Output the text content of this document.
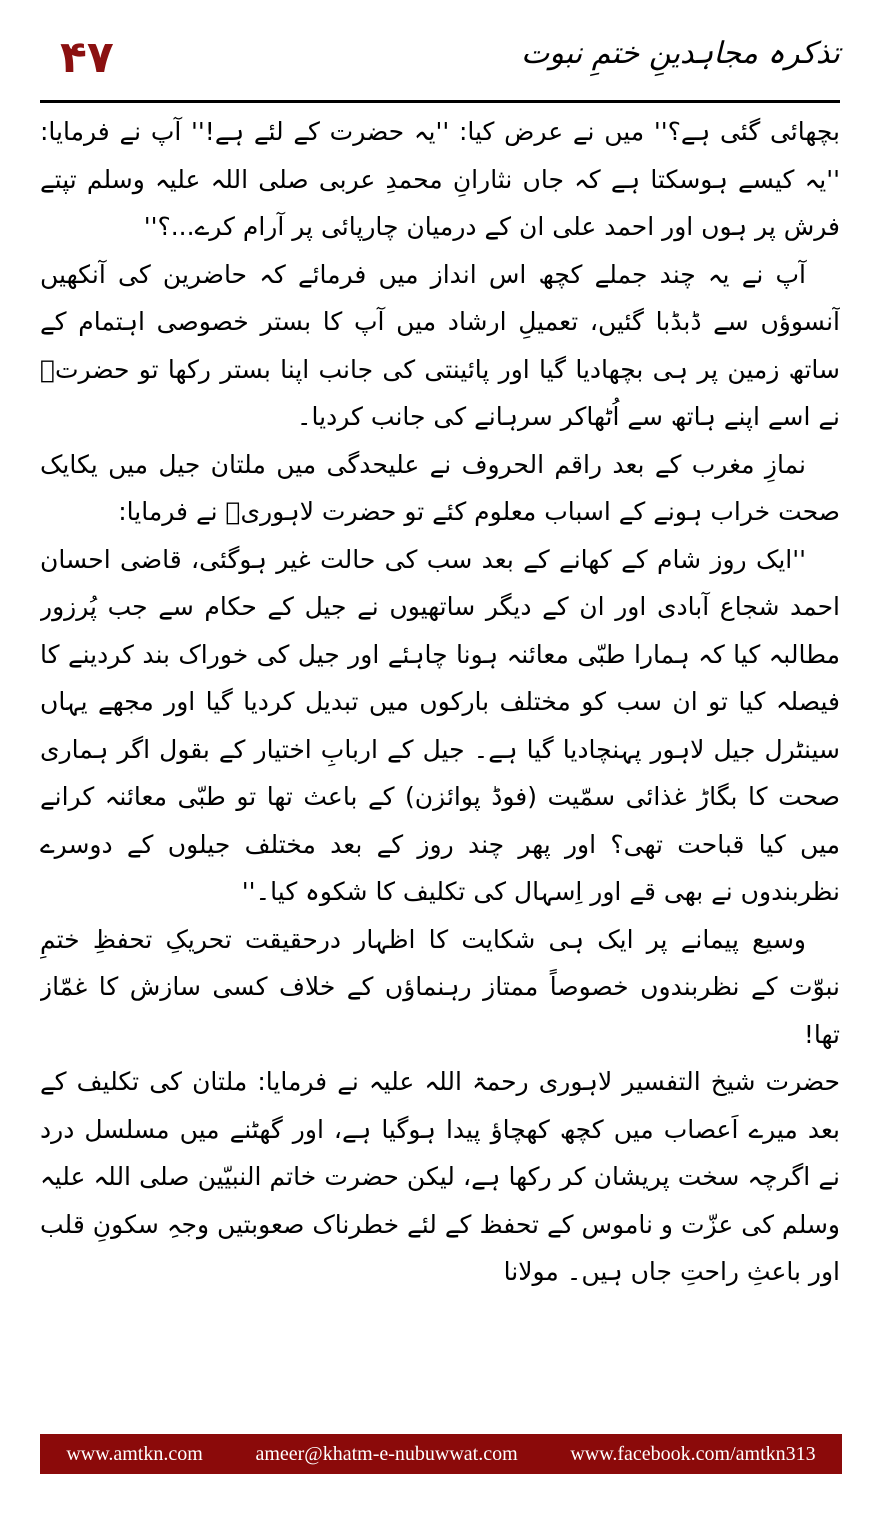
۴۷	تذکرہ مجاہدینِ ختمِ نبوت

بچھائی گئی ہے؟'' میں نے عرض کیا: ''یہ حضرت کے لئے ہے!'' آپ نے فرمایا: ''یہ کیسے ہوسکتا ہے کہ جاں نثارانِ محمدِ عربی صلی اللہ علیہ وسلم تپتے فرش پر ہوں اور احمد علی ان کے درمیان چارپائی پر آرام کرے...؟''

آپ نے یہ چند جملے کچھ اس انداز میں فرمائے کہ حاضرین کی آنکھیں آنسوؤں سے ڈبڈبا گئیں، تعمیلِ ارشاد میں آپ کا بستر خصوصی اہتمام کے ساتھ زمین پر ہی بچھادیا گیا اور پائینتی کی جانب اپنا بستر رکھا تو حضرتؒ نے اسے اپنے ہاتھ سے اُٹھاکر سرہانے کی جانب کردیا۔

نمازِ مغرب کے بعد راقم الحروف نے علیحدگی میں ملتان جیل میں یکایک صحت خراب ہونے کے اسباب معلوم کئے تو حضرت لاہوریؒ نے فرمایا:

''ایک روز شام کے کھانے کے بعد سب کی حالت غیر ہوگئی، قاضی احسان احمد شجاع آبادی اور ان کے دیگر ساتھیوں نے جیل کے حکام سے جب پُرزور مطالبہ کیا کہ ہمارا طبّی معائنہ ہونا چاہئے اور جیل کی خوراک بند کردینے کا فیصلہ کیا تو ان سب کو مختلف بارکوں میں تبدیل کردیا گیا اور مجھے یہاں سینٹرل جیل لاہور پہنچادیا گیا ہے۔ جیل کے اربابِ اختیار کے بقول اگر ہماری صحت کا بگاڑ غذائی سمّیت (فوڈ پوائزن) کے باعث تھا تو طبّی معائنہ کرانے میں کیا قباحت تھی؟ اور پھر چند روز کے بعد مختلف جیلوں کے دوسرے نظربندوں نے بھی قے اور اِسہال کی تکلیف کا شکوہ کیا۔''

وسیع پیمانے پر ایک ہی شکایت کا اظہار درحقیقت تحریکِ تحفظِ ختمِ نبوّت کے نظربندوں خصوصاً ممتاز رہنماؤں کے خلاف کسی سازش کا غمّاز تھا!

حضرت شیخ التفسیر لاہوری رحمۃ اللہ علیہ نے فرمایا: ملتان کی تکلیف کے بعد میرے اَعصاب میں کچھ کھچاؤ پیدا ہوگیا ہے، اور گھٹنے میں مسلسل درد نے اگرچہ سخت پریشان کر رکھا ہے، لیکن حضرت خاتم النبیّین صلی اللہ علیہ وسلم کی عزّت و ناموس کے تحفظ کے لئے خطرناک صعوبتیں وجہِ سکونِ قلب اور باعثِ راحتِ جاں ہیں۔ مولانا

www.amtkn.com	ameer@khatm-e-nubuwwat.com	www.facebook.com/amtkn313
